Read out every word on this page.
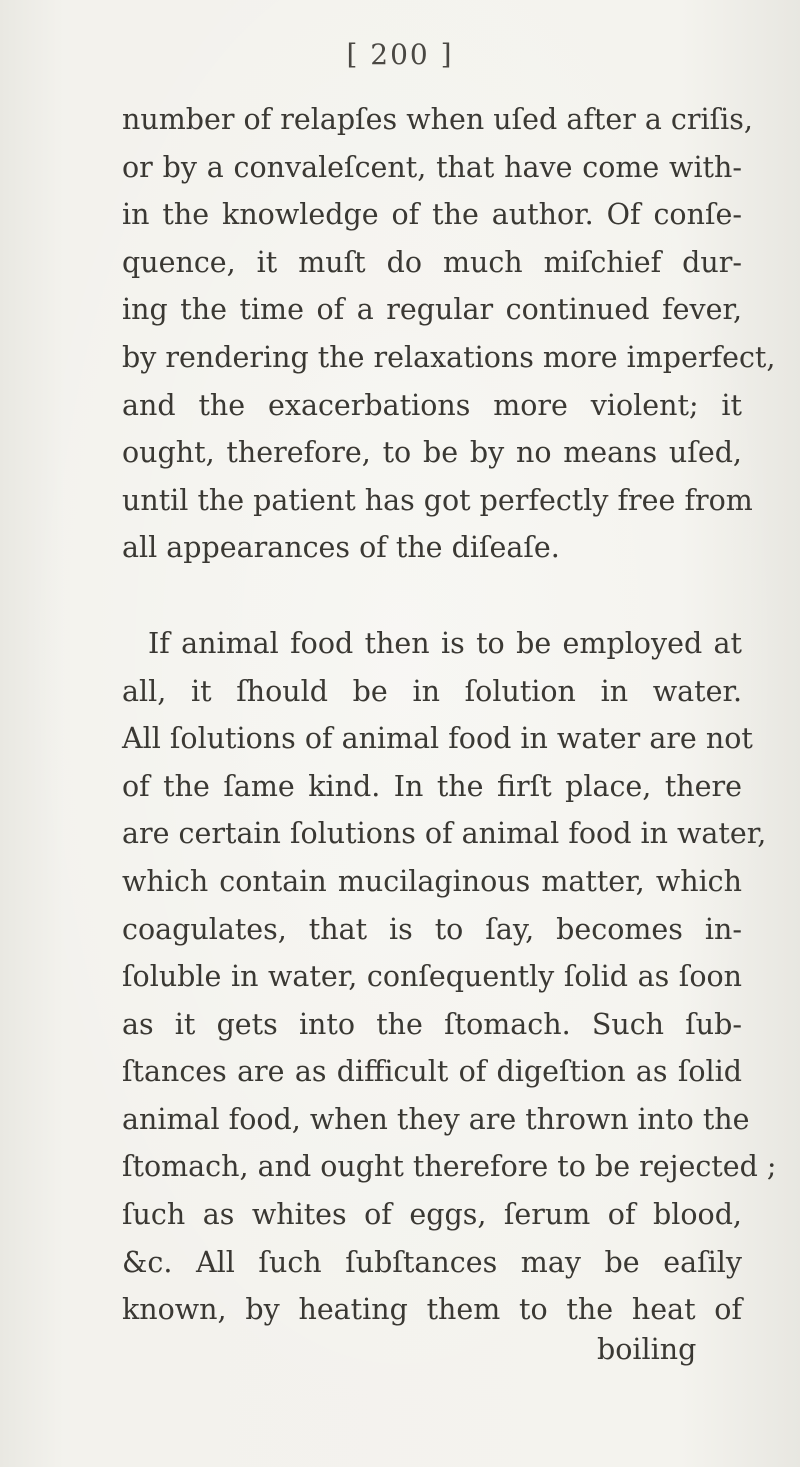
[ 200 ]
number of relapſes when uſed after a criſis,
or by a convaleſcent, that have come with-
in the knowledge of the author. Of conſe-
quence, it muſt do much miſchief dur-
ing the time of a regular continued fever,
by rendering the relaxations more imperfect,
and the exacerbations more violent; it
ought, therefore, to be by no means uſed,
until the patient has got perfectly free from
all appearances of the diſeaſe.
If animal food then is to be employed at
all, it ſhould be in ſolution in water.
All ſolutions of animal food in water are not
of the ſame kind. In the firſt place, there
are certain ſolutions of animal food in water,
which contain mucilaginous matter, which
coagulates, that is to ſay, becomes in-
ſoluble in water, conſequently ſolid as ſoon
as it gets into the ſtomach. Such ſub-
ſtances are as difficult of digeſtion as ſolid
animal food, when they are thrown into the
ſtomach, and ought therefore to be rejected ;
ſuch as whites of eggs, ſerum of blood,
&c. All ſuch ſubſtances may be eaſily
known, by heating them to the heat of
boiling
